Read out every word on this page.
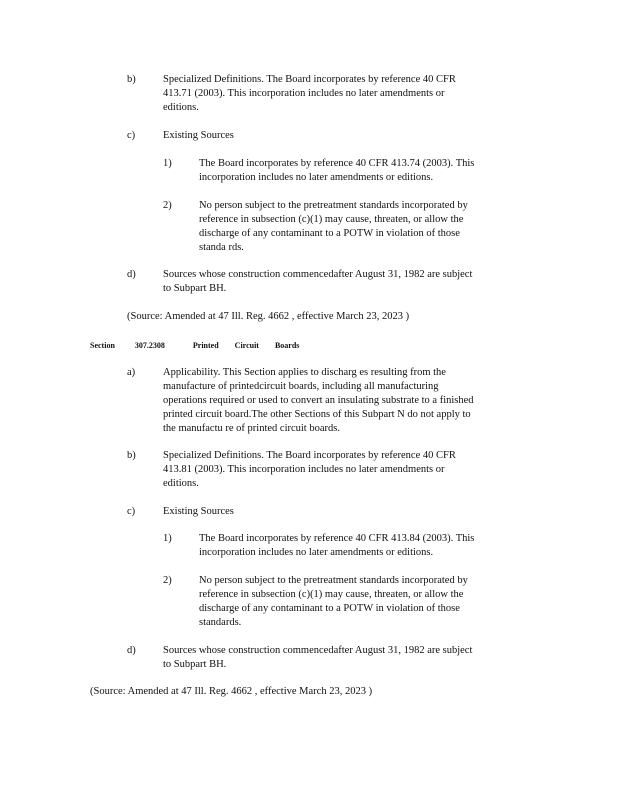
b)	Specialized Definitions. The Board incorporates by reference 40 CFR
413.71 (2003). This incorporation includes no later amendments or
editions.
c)	Existing Sources
1)	The Board incorporates by reference 40 CFR 413.74 (2003). This
incorporation includes no later amendments or editions.
2)	No person subject to the pretreatment standards incorporated by
reference in subsection (c)(1) may cause, threaten, or allow the
discharge of any contaminant to a POTW in violation of those
standa rds.
d)	Sources whose construction commencedafter August 31, 1982 are subject
to Subpart BH.
(Source: Amended at 47 Ill. Reg. 4662 , effective March 23, 2023 )
Section	307.2308	Printed Circuit Boards
a)	Applicability. This Section applies to discharg es resulting from the
manufacture of printedcircuit boards, including all manufacturing
operations required or used to convert an insulating substrate to a finished
printed circuit board.The other Sections of this Subpart N do not apply to
the manufactu re of printed circuit boards.
b)	Specialized Definitions. The Board incorporates by reference 40 CFR
413.81 (2003). This incorporation includes no later amendments or
editions.
c)	Existing Sources
1)	The Board incorporates by reference 40 CFR 413.84 (2003). This
incorporation includes no later amendments or editions.
2)	No person subject to the pretreatment standards incorporated by
reference in subsection (c)(1) may cause, threaten, or allow the
discharge of any contaminant to a POTW in violation of those
standards.
d)	Sources whose construction commencedafter August 31, 1982 are subject
to Subpart BH.
(Source: Amended at 47 Ill. Reg. 4662 , effective March 23, 2023 )
